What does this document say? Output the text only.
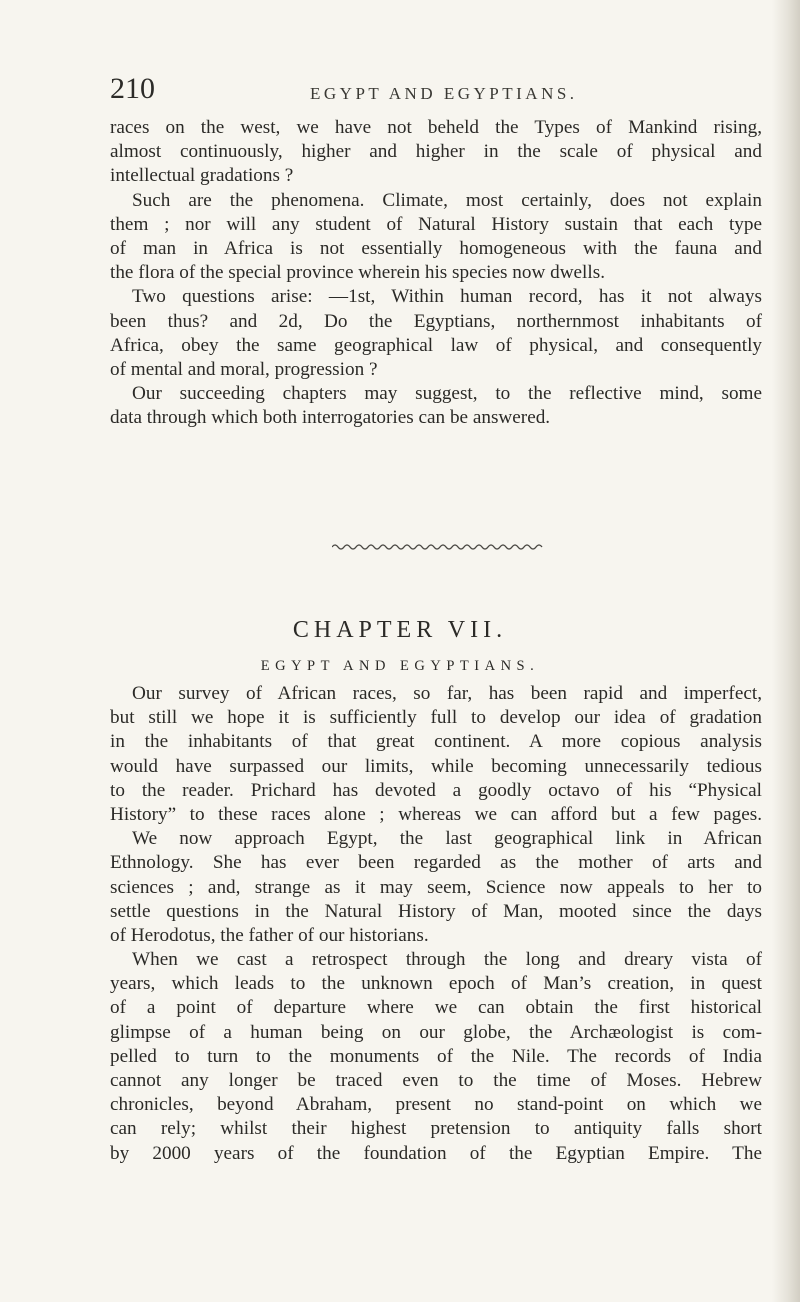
210	EGYPT AND EGYPTIANS.
races on the west, we have not beheld the Types of Mankind rising,
almost continuously, higher and higher in the scale of physical and
intellectual gradations ?
Such are the phenomena. Climate, most certainly, does not explain
them ; nor will any student of Natural History sustain that each type
of man in Africa is not essentially homogeneous with the fauna and
the flora of the special province wherein his species now dwells.
Two questions arise: —1st, Within human record, has it not always
been thus? and 2d, Do the Egyptians, northernmost inhabitants of
Africa, obey the same geographical law of physical, and consequently
of mental and moral, progression ?
Our succeeding chapters may suggest, to the reflective mind, some
data through which both interrogatories can be answered.
CHAPTER VII.
EGYPT AND EGYPTIANS.
Our survey of African races, so far, has been rapid and imperfect,
but still we hope it is sufficiently full to develop our idea of gradation
in the inhabitants of that great continent. A more copious analysis
would have surpassed our limits, while becoming unnecessarily tedious
to the reader. Prichard has devoted a goodly octavo of his “Physical
History” to these races alone ; whereas we can afford but a few pages.
We now approach Egypt, the last geographical link in African
Ethnology. She has ever been regarded as the mother of arts and
sciences ; and, strange as it may seem, Science now appeals to her to
settle questions in the Natural History of Man, mooted since the days
of Herodotus, the father of our historians.
When we cast a retrospect through the long and dreary vista of
years, which leads to the unknown epoch of Man’s creation, in quest
of a point of departure where we can obtain the first historical
glimpse of a human being on our globe, the Archæologist is com-
pelled to turn to the monuments of the Nile. The records of India
cannot any longer be traced even to the time of Moses. Hebrew
chronicles, beyond Abraham, present no stand-point on which we
can rely; whilst their highest pretension to antiquity falls short
by 2000 years of the foundation of the Egyptian Empire. The
